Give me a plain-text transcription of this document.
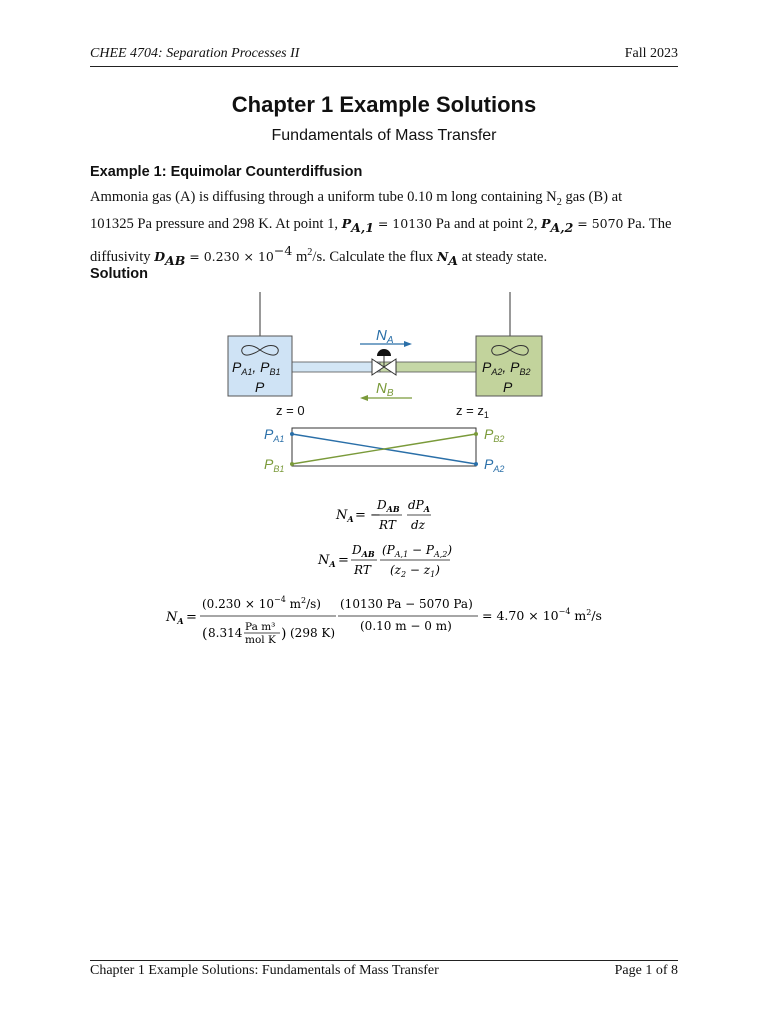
CHEE 4704: Separation Processes II	Fall 2023
Chapter 1 Example Solutions
Fundamentals of Mass Transfer
Example 1: Equimolar Counterdiffusion
Ammonia gas (A) is diffusing through a uniform tube 0.10 m long containing $N_2$ gas (B) at
101325 Pa pressure and 298 K. At point 1, $P_{A,1} = 10130$ Pa and at point 2, $P_{A,2} = 5070$ Pa. The
diffusivity $D_{AB} = 0.230 \times 10^{-4}$ $m^2/s$. Calculate the flux $N_A$ at steady state.
Solution
$N_A$
$N_B$
$P_{A1}$, $P_{B1}$
P
$P_{A2}$, $P_{B2}$
P
z = 0	$z = z_1$
$P_{A1}$
$P_{B1}$
$P_{B2}$
$P_{A2}$
$N_A$ = −
$D_{AB}$
RT
$dP_A$
dz
$N_A$ =
$D_{AB}$
RT
$(P_{A,1} - P_{A,2})$
$(z_2 - z_1)$
$N_A$ =
($0.230 \times 10^{-4}$ $m^2/s$)
( 8.314 Pa m³
mol K ) (298 K)
(10130 Pa − 5070 Pa)
(0.10 m − 0 m)
= $4.70 \times 10^{-4}$ $m^2/s$
Chapter 1 Example Solutions: Fundamentals of Mass Transfer	Page 1 of 8
